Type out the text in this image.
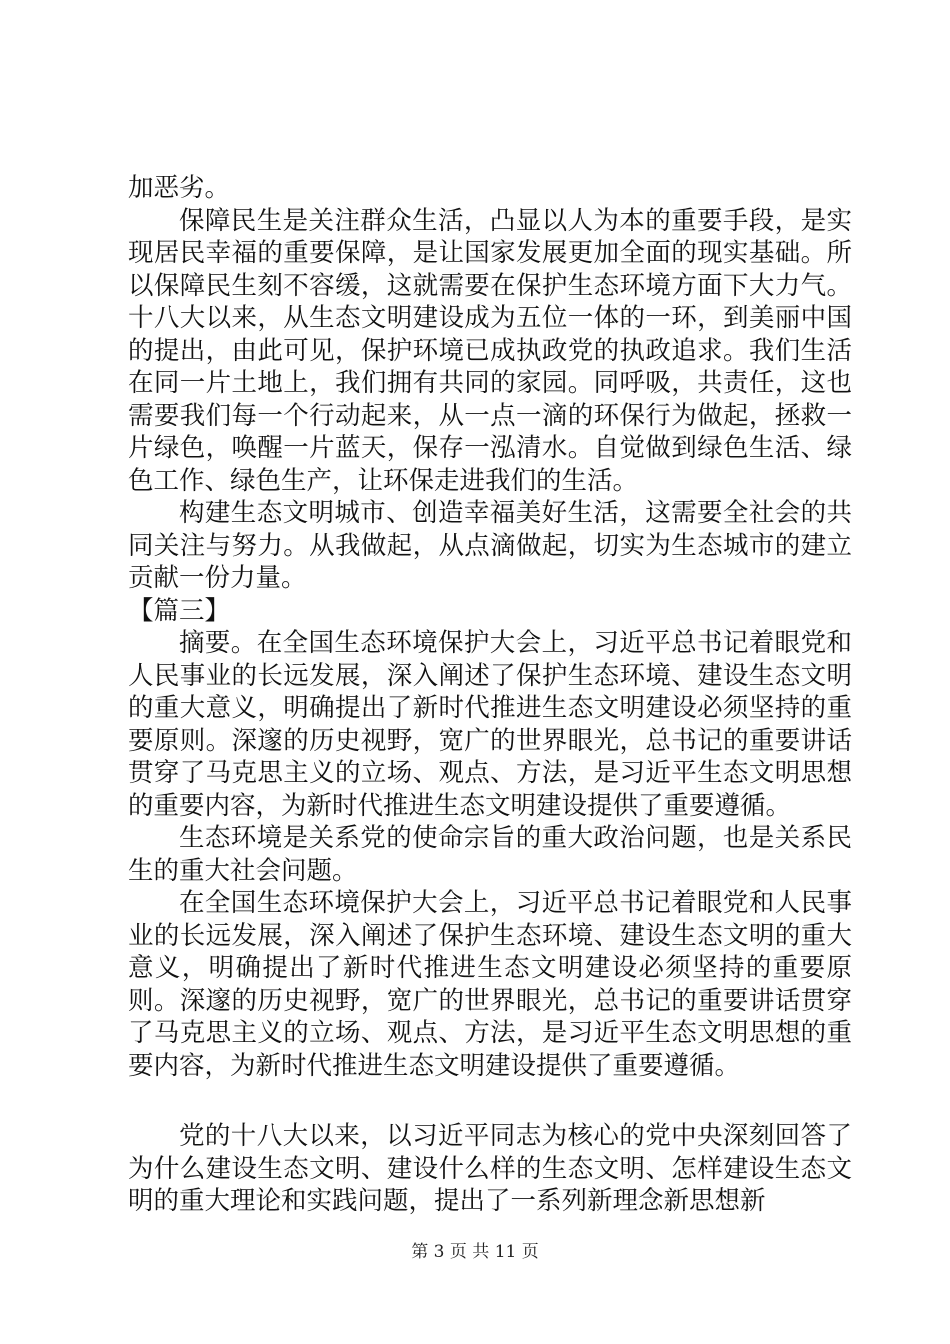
加恶劣。

保障民生是关注群众生活，凸显以人为本的重要手段，是实现居民幸福的重要保障，是让国家发展更加全面的现实基础。所以保障民生刻不容缓，这就需要在保护生态环境方面下大力气。十八大以来，从生态文明建设成为五位一体的一环，到美丽中国的提出，由此可见，保护环境已成执政党的执政追求。我们生活在同一片土地上，我们拥有共同的家园。同呼吸，共责任，这也需要我们每一个行动起来，从一点一滴的环保行为做起，拯救一片绿色，唤醒一片蓝天，保存一泓清水。自觉做到绿色生活、绿色工作、绿色生产，让环保走进我们的生活。

构建生态文明城市、创造幸福美好生活，这需要全社会的共同关注与努力。从我做起，从点滴做起，切实为生态城市的建立贡献一份力量。

【篇三】

摘要。在全国生态环境保护大会上，习近平总书记着眼党和人民事业的长远发展，深入阐述了保护生态环境、建设生态文明的重大意义，明确提出了新时代推进生态文明建设必须坚持的重要原则。深邃的历史视野，宽广的世界眼光，总书记的重要讲话贯穿了马克思主义的立场、观点、方法，是习近平生态文明思想的重要内容，为新时代推进生态文明建设提供了重要遵循。

生态环境是关系党的使命宗旨的重大政治问题，也是关系民生的重大社会问题。

在全国生态环境保护大会上，习近平总书记着眼党和人民事业的长远发展，深入阐述了保护生态环境、建设生态文明的重大意义，明确提出了新时代推进生态文明建设必须坚持的重要原则。深邃的历史视野，宽广的世界眼光，总书记的重要讲话贯穿了马克思主义的立场、观点、方法，是习近平生态文明思想的重要内容，为新时代推进生态文明建设提供了重要遵循。

党的十八大以来，以习近平同志为核心的党中央深刻回答了为什么建设生态文明、建设什么样的生态文明、怎样建设生态文明的重大理论和实践问题，提出了一系列新理念新思想新

第 3 页 共 11 页
